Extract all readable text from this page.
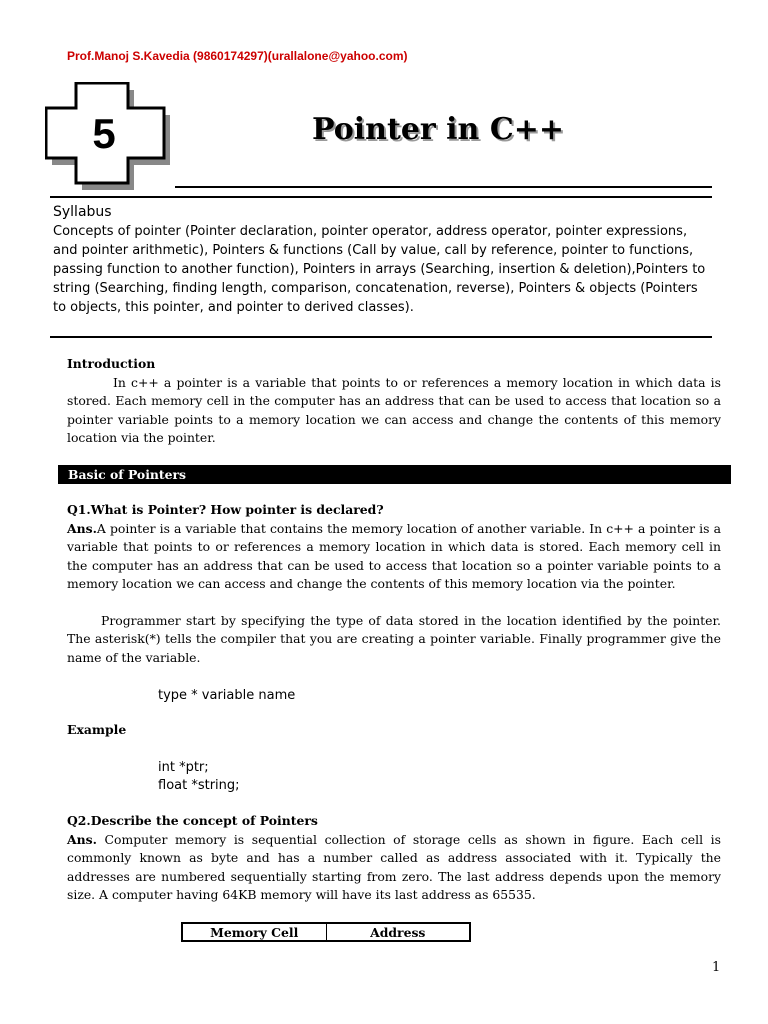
Prof.Manoj S.Kavedia (9860174297)(urallalone@yahoo.com)
5	Pointer in C++
Syllabus
Concepts of pointer (Pointer declaration, pointer operator, address operator, pointer expressions, and pointer arithmetic), Pointers & functions (Call by value, call by reference, pointer to functions, passing function to another function), Pointers in arrays (Searching, insertion & deletion),Pointers to string (Searching, finding length, comparison, concatenation, reverse), Pointers & objects (Pointers to objects, this pointer, and pointer to derived classes).
Introduction
In c++ a pointer is a variable that points to or references a memory location in which data is stored. Each memory cell in the computer has an address that can be used to access that location so a pointer variable points to a memory location we can access and change the contents of this memory location via the pointer.
Basic of Pointers
Q1.What is Pointer? How pointer is declared?
Ans.A pointer is a variable that contains the memory location of another variable. In c++ a pointer is a variable that points to or references a memory location in which data is stored. Each memory cell in the computer has an address that can be used to access that location so a pointer variable points to a memory location we can access and change the contents of this memory location via the pointer.
Programmer start by specifying the type of data stored in the location identified by the pointer. The asterisk(*) tells the compiler that you are creating a pointer variable. Finally programmer give the name of the variable.
type * variable name
Example
int *ptr;
float *string;
Q2.Describe the concept of Pointers
Ans. Computer memory is sequential collection of storage cells as shown in figure. Each cell is commonly known as byte and has a number called as address associated with it. Typically the addresses are numbered sequentially starting from zero. The last address depends upon the memory size. A computer having 64KB memory will have its last address as 65535.
Memory Cell	Address
1
